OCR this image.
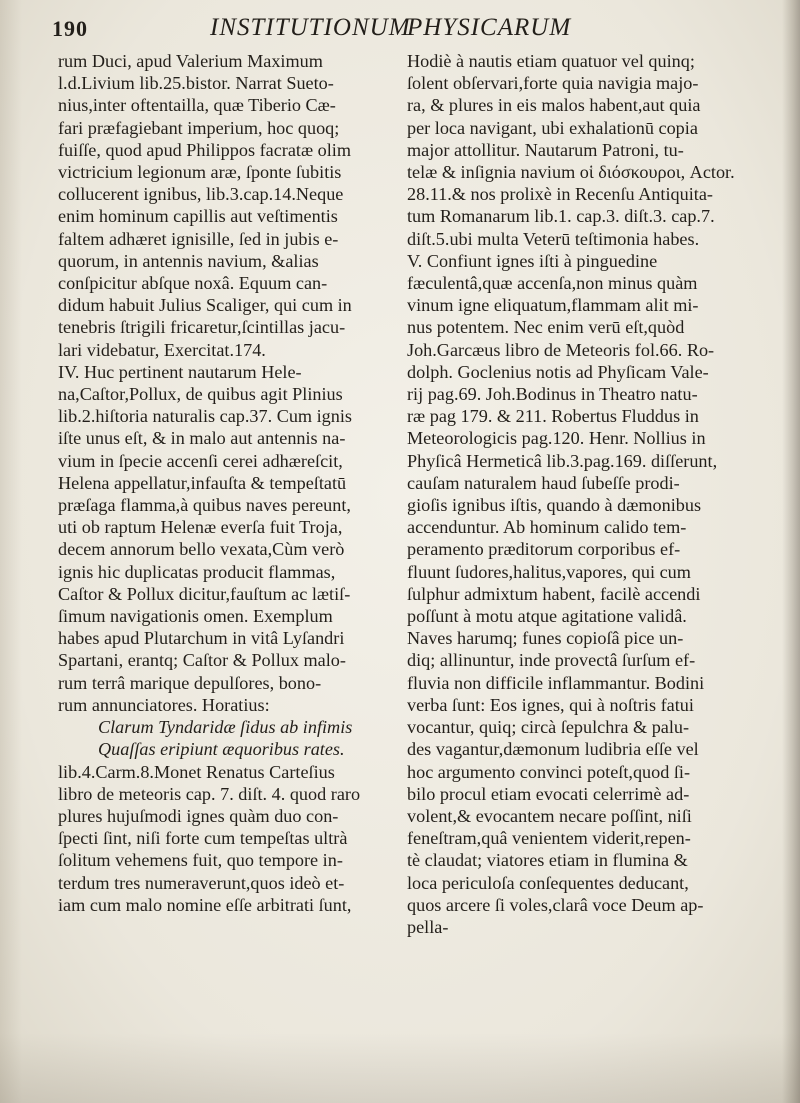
190	INSTITUTIONUM
PHYSICARUM
rum Duci, apud Valerium Maximum
l.d.Livium lib.25.bistor. Narrat Sueto-
nius,inter oftentailla, quæ Tiberio Cæ-
fari præfagiebant imperium, hoc quoq;
fuiſſe, quod apud Philippos facratæ olim
victricium legionum aræ, ſponte ſubitis
collucerent ignibus, lib.3.cap.14.Neque
enim hominum capillis aut veſtimentis
faltem adhæret ignisille, ſed in jubis e-
quorum, in antennis navium, &alias
conſpicitur abſque noxâ. Equum can-
didum habuit Julius Scaliger, qui cum in
tenebris ſtrigili fricaretur,ſcintillas jacu-
lari videbatur, Exercitat.174.
IV. Huc pertinent nautarum Hele-
na,Caſtor,Pollux, de quibus agit Plinius
lib.2.hiſtoria naturalis cap.37. Cum ignis
iſte unus eſt, & in malo aut antennis na-
vium in ſpecie accenſi cerei adhæreſcit,
Helena appellatur,infauſta & tempeſtatū
præſaga flamma,à quibus naves pereunt,
uti ob raptum Helenæ everſa fuit Troja,
decem annorum bello vexata,Cùm verò
ignis hic duplicatas producit flammas,
Caſtor & Pollux dicitur,fauſtum ac lætiſ-
ſimum navigationis omen. Exemplum
habes apud Plutarchum in vitâ Lyſandri
Spartani, erantq; Caſtor & Pollux malo-
rum terrâ marique depulſores, bono-
rum annunciatores. Horatius:
Clarum Tyndaridæ ſidus ab infimis
Quaſſas eripiunt æquoribus rates.
lib.4.Carm.8.Monet Renatus Carteſius
libro de meteoris cap. 7. diſt. 4. quod raro
plures hujuſmodi ignes quàm duo con-
ſpecti ſint, niſi forte cum tempeſtas ultrà
ſolitum vehemens fuit, quo tempore in-
terdum tres numeraverunt,quos ideò et-
iam cum malo nomine eſſe arbitrati ſunt,
Hodiè à nautis etiam quatuor vel quinq;
ſolent obſervari,forte quia navigia majo-
ra, & plures in eis malos habent,aut quia
per loca navigant, ubi exhalationū copia
major attollitur. Nautarum Patroni, tu-
telæ & inſignia navium οἱ διόσκουροι, Actor.
28.11.& nos prolixè in Recenſu Antiquita-
tum Romanarum lib.1. cap.3. diſt.3. cap.7.
diſt.5.ubi multa Veterū teſtimonia habes.
V. Confiunt ignes iſti à pinguedine
fæculentâ,quæ accenſa,non minus quàm
vinum igne eliquatum,flammam alit mi-
nus potentem. Nec enim verū eſt,quòd
Joh.Garcæus libro de Meteoris fol.66. Ro-
dolph. Goclenius notis ad Phyſicam Vale-
rij pag.69. Joh.Bodinus in Theatro natu-
ræ pag 179. & 211. Robertus Fluddus in
Meteorologicis pag.120. Henr. Nollius in
Phyſicâ Hermeticâ lib.3.pag.169. diſſerunt,
cauſam naturalem haud ſubeſſe prodi-
gioſis ignibus iſtis, quando à dæmonibus
accenduntur. Ab hominum calido tem-
peramento præditorum corporibus ef-
fluunt ſudores,halitus,vapores, qui cum
ſulphur admixtum habent, facilè accendi
poſſunt à motu atque agitatione validâ.
Naves harumq; funes copioſâ pice un-
diq; allinuntur, inde provectâ ſurſum ef-
fluvia non difficile inflammantur. Bodini
verba ſunt: Eos ignes, qui à noſtris fatui
vocantur, quiq; circà ſepulchra & palu-
des vagantur,dæmonum ludibria eſſe vel
hoc argumento convinci poteſt,quod ſi-
bilo procul etiam evocati celerrimè ad-
volent,& evocantem necare poſſint, niſi
feneſtram,quâ venientem viderit,repen-
tè claudat; viatores etiam in flumina &
loca periculoſa conſequentes deducant,
quos arcere ſi voles,clarâ voce Deum ap-
pella-
